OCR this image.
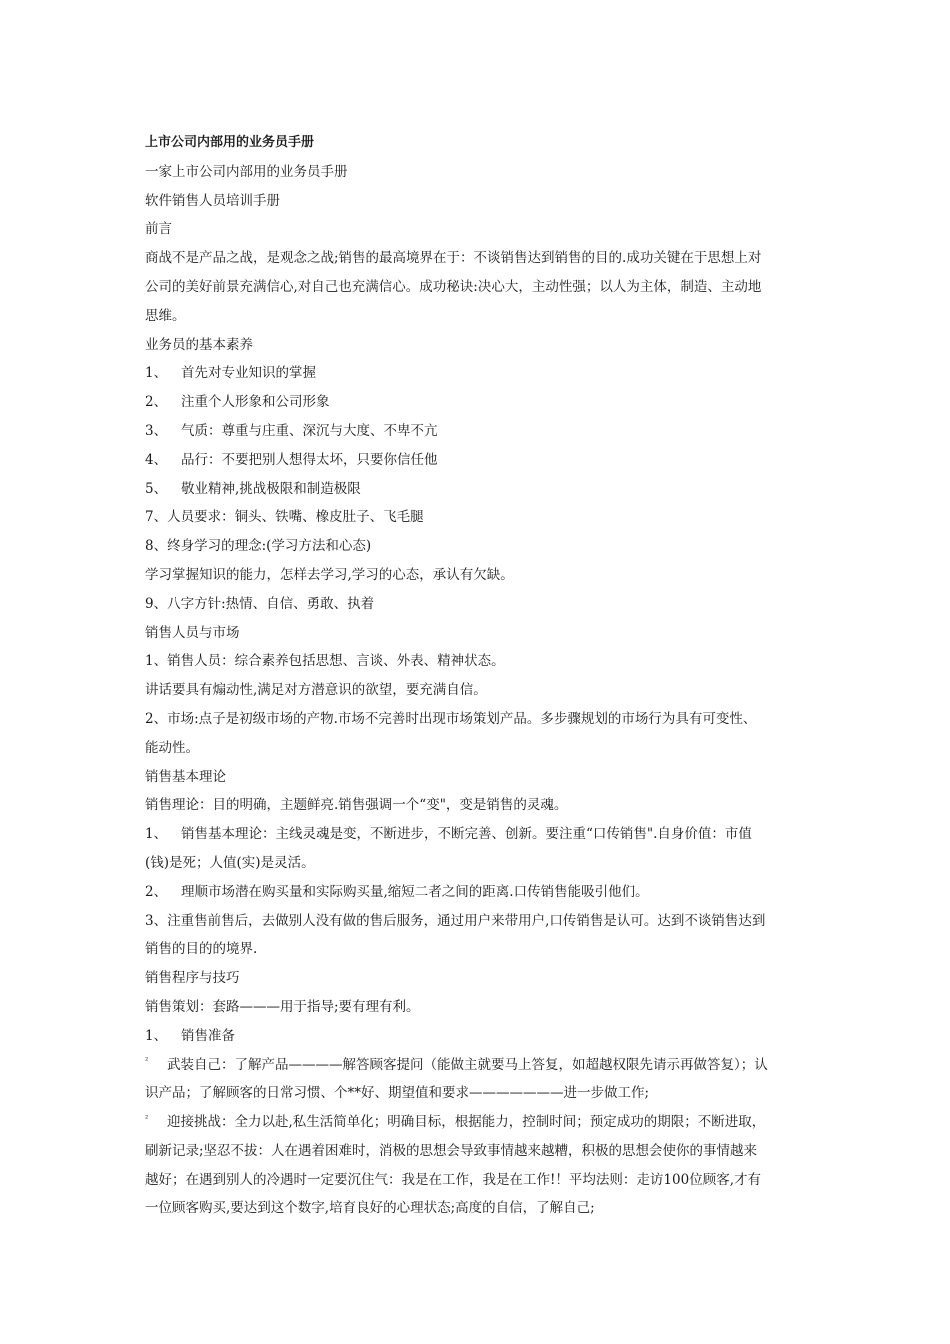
上市公司内部用的业务员手册
一家上市公司内部用的业务员手册
软件销售人员培训手册
前言
商战不是产品之战，是观念之战;销售的最高境界在于：不谈销售达到销售的目的.成功关键在于思想上对
公司的美好前景充满信心,对自己也充满信心。成功秘诀:决心大，主动性强；以人为主体，制造、主动地
思维。
业务员的基本素养
1、 首先对专业知识的掌握
2、 注重个人形象和公司形象
3、 气质：尊重与庄重、深沉与大度、不卑不亢
4、 品行：不要把别人想得太坏，只要你信任他
5、 敬业精神,挑战极限和制造极限
7、人员要求：铜头、铁嘴、橡皮肚子、飞毛腿
8、终身学习的理念:(学习方法和心态)
学习掌握知识的能力，怎样去学习,学习的心态，承认有欠缺。
9、八字方针:热情、自信、勇敢、执着
销售人员与市场
1、销售人员：综合素养包括思想、言谈、外表、精神状态。
讲话要具有煽动性,满足对方潜意识的欲望，要充满自信。
2、市场:点子是初级市场的产物.市场不完善时出现市场策划产品。多步骤规划的市场行为具有可变性、
能动性。
销售基本理论
销售理论：目的明确，主题鲜亮.销售强调一个“变"，变是销售的灵魂。
1、 销售基本理论：主线灵魂是变，不断进步，不断完善、创新。要注重“口传销售".自身价值：市值
(钱)是死；人值(实)是灵活。
2、 理顺市场潜在购买量和实际购买量,缩短二者之间的距离.口传销售能吸引他们。
3、注重售前售后，去做别人没有做的售后服务，通过用户来带用户,口传销售是认可。达到不谈销售达到
销售的目的的境界.
销售程序与技巧
销售策划：套路———用于指导;要有理有利。
1、 销售准备
² 武装自己：了解产品————解答顾客提问（能做主就要马上答复，如超越权限先请示再做答复）；认
识产品；了解顾客的日常习惯、个**好、期望值和要求———————进一步做工作;
² 迎接挑战：全力以赴,私生活简单化；明确目标，根据能力，控制时间；预定成功的期限；不断进取，
刷新记录;坚忍不拔：人在遇着困难时，消极的思想会导致事情越来越糟，积极的思想会使你的事情越来
越好；在遇到别人的冷遇时一定要沉住气：我是在工作，我是在工作!！平均法则：走访100位顾客,才有
一位顾客购买,要达到这个数字,培育良好的心理状态;高度的自信，了解自己;
